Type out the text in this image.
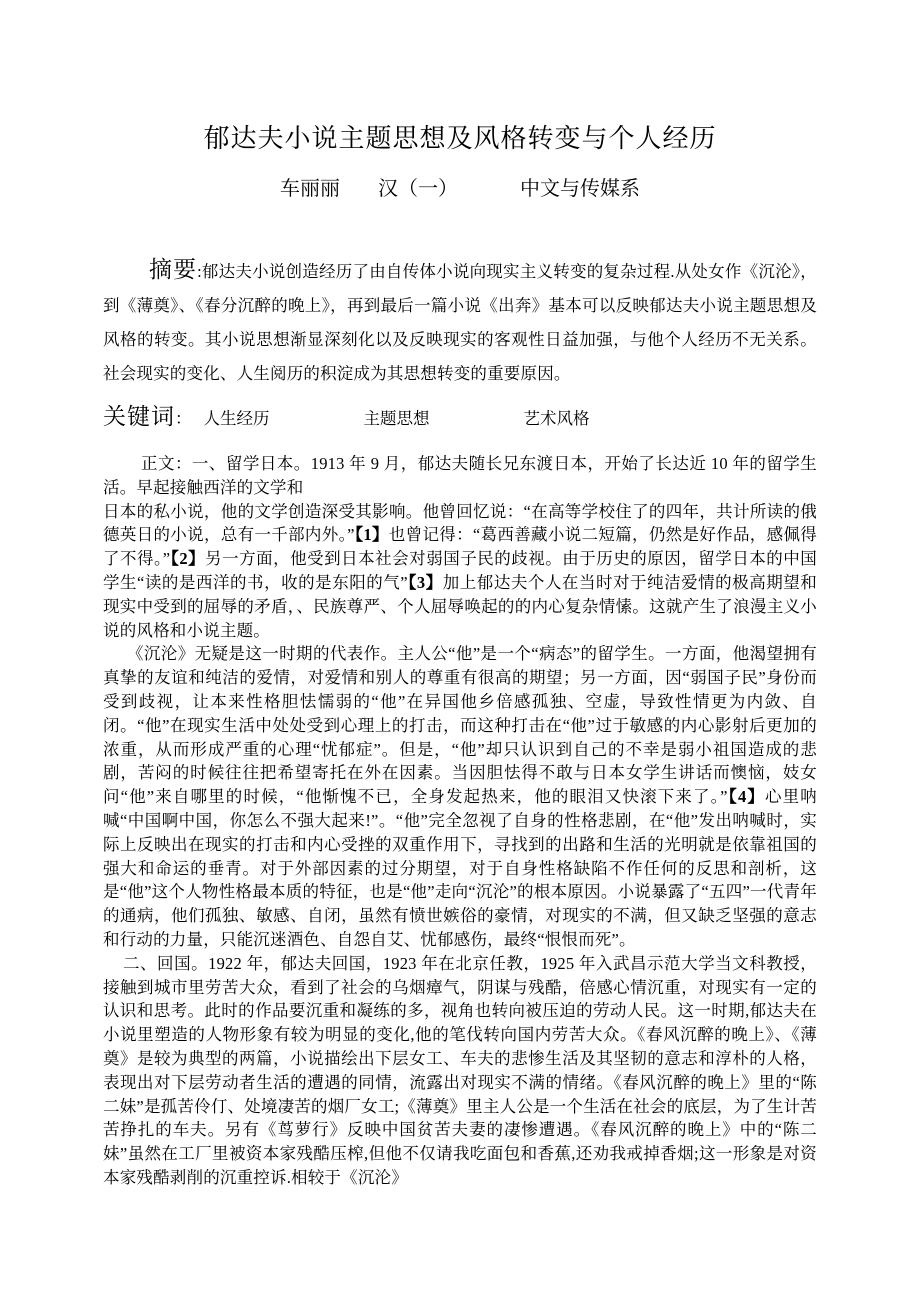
郁达夫小说主题思想及风格转变与个人经历
车丽丽 汉（一）	中文与传媒系

摘要:郁达夫小说创造经历了由自传体小说向现实主义转变的复杂过程.从处女作《沉沦》，到《薄奠》、《春分沉醉的晚上》，再到最后一篇小说《出奔》基本可以反映郁达夫小说主题思想及风格的转变。其小说思想渐显深刻化以及反映现实的客观性日益加强，与他个人经历不无关系。社会现实的变化、人生阅历的积淀成为其思想转变的重要原因。

关键词： 人生经历	主题思想	艺术风格

正文：一、留学日本。1913 年 9 月，郁达夫随长兄东渡日本，开始了长达近 10 年的留学生活。早起接触西洋的文学和

日本的私小说，他的文学创造深受其影响。他曾回忆说：“在高等学校住了的四年，共计所读的俄德英日的小说，总有一千部内外。”【1】也曾记得：“葛西善藏小说二短篇，仍然是好作品，感佩得了不得。”【2】另一方面，他受到日本社会对弱国子民的歧视。由于历史的原因，留学日本的中国学生“读的是西洋的书，收的是东阳的气”【3】加上郁达夫个人在当时对于纯洁爱情的极高期望和现实中受到的屈辱的矛盾，、民族尊严、个人屈辱唤起的的内心复杂情愫。这就产生了浪漫主义小说的风格和小说主题。

《沉沦》无疑是这一时期的代表作。主人公“他”是一个“病态”的留学生。一方面，他渴望拥有真挚的友谊和纯洁的爱情，对爱情和别人的尊重有很高的期望；另一方面，因“弱国子民”身份而受到歧视，让本来性格胆怯懦弱的“他”在异国他乡倍感孤独、空虚，导致性情更为内敛、自闭。“他”在现实生活中处处受到心理上的打击，而这种打击在“他”过于敏感的内心影射后更加的浓重，从而形成严重的心理“忧郁症”。但是，“他”却只认识到自己的不幸是弱小祖国造成的悲剧，苦闷的时候往往把希望寄托在外在因素。当因胆怯得不敢与日本女学生讲话而懊恼，妓女问“他”来自哪里的时候，“他惭愧不已，全身发起热来，他的眼泪又快滚下来了。”【4】心里呐喊“中国啊中国，你怎么不强大起来!”。“他”完全忽视了自身的性格悲剧，在“他”发出呐喊时，实际上反映出在现实的打击和内心受挫的双重作用下，寻找到的出路和生活的光明就是依靠祖国的强大和命运的垂青。对于外部因素的过分期望，对于自身性格缺陷不作任何的反思和剖析，这是“他”这个人物性格最本质的特征，也是“他”走向“沉沦”的根本原因。小说暴露了“五四”一代青年的通病，他们孤独、敏感、自闭，虽然有愤世嫉俗的豪情，对现实的不满，但又缺乏坚强的意志和行动的力量，只能沉迷酒色、自怨自艾、忧郁感伤，最终“恨恨而死”。

二、回国。1922 年，郁达夫回国，1923 年在北京任教，1925 年入武昌示范大学当文科教授，接触到城市里劳苦大众，看到了社会的乌烟瘴气，阴谋与残酷，倍感心情沉重，对现实有一定的认识和思考。此时的作品要沉重和凝练的多，视角也转向被压迫的劳动人民。这一时期,郁达夫在小说里塑造的人物形象有较为明显的变化,他的笔伐转向国内劳苦大众。《春风沉醉的晚上》、《薄奠》是较为典型的两篇，小说描绘出下层女工、车夫的悲惨生活及其坚韧的意志和淳朴的人格，表现出对下层劳动者生活的遭遇的同情，流露出对现实不满的情绪。《春风沉醉的晚上》里的“陈二妹”是孤苦伶仃、处境凄苦的烟厂女工;《薄奠》里主人公是一个生活在社会的底层，为了生计苦苦挣扎的车夫。另有《茑萝行》反映中国贫苦夫妻的凄惨遭遇。《春风沉醉的晚上》中的“陈二妹”虽然在工厂里被资本家残酷压榨,但他不仅请我吃面包和香蕉,还劝我戒掉香烟;这一形象是对资本家残酷剥削的沉重控诉.相较于《沉沦》
